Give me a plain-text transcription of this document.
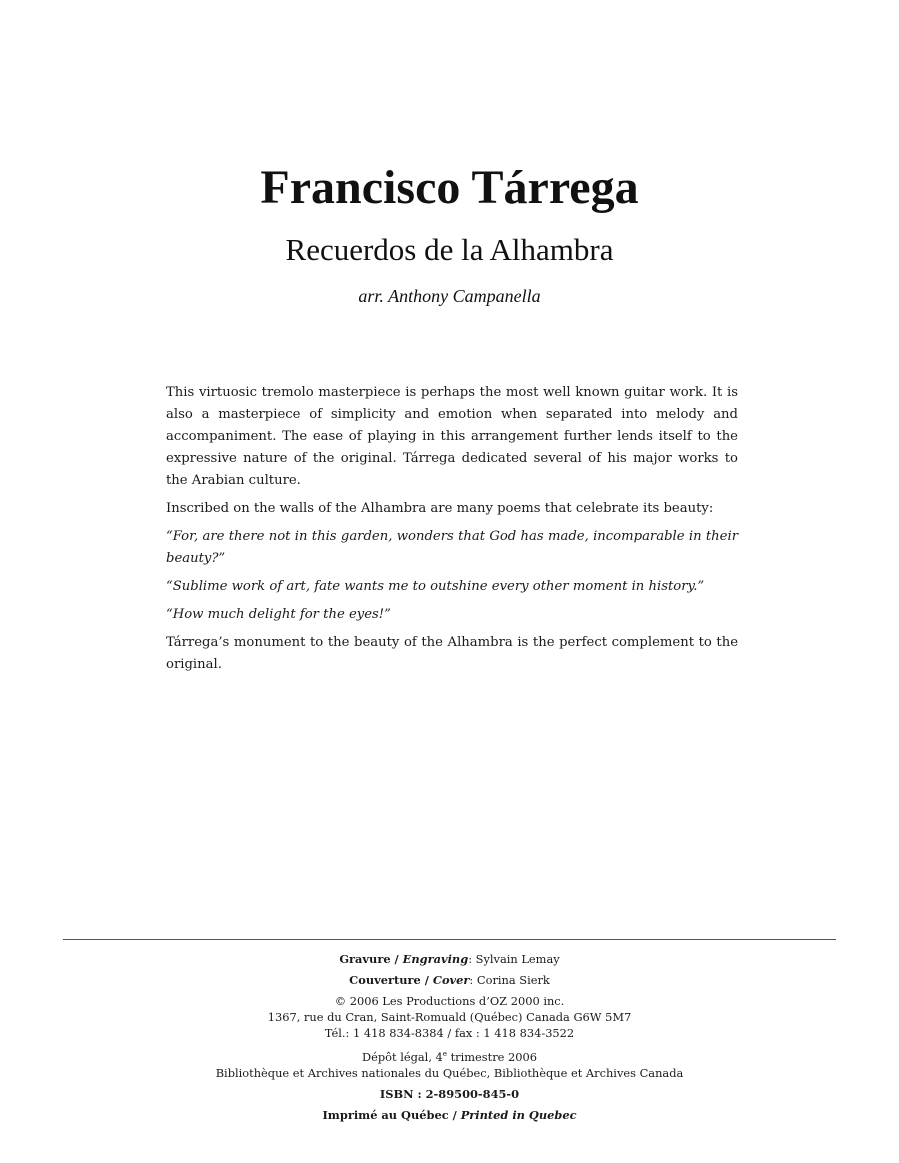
Francisco Tárrega
Recuerdos de la Alhambra
arr. Anthony Campanella

This virtuosic tremolo masterpiece is perhaps the most well known guitar work. It is also a masterpiece of simplicity and emotion when separated into melody and accompaniment. The ease of playing in this arrangement further lends itself to the expressive nature of the original. Tárrega dedicated several of his major works to the Arabian culture.

Inscribed on the walls of the Alhambra are many poems that celebrate its beauty:

“For, are there not in this garden, wonders that God has made, incomparable in their beauty?”

“Sublime work of art, fate wants me to outshine every other moment in history.”

“How much delight for the eyes!”

Tárrega’s monument to the beauty of the Alhambra is the perfect complement to the original.

Gravure / Engraving: Sylvain Lemay
Couverture / Cover: Corina Sierk
© 2006 Les Productions d’OZ 2000 inc.
1367, rue du Cran, Saint-Romuald (Québec) Canada G6W 5M7
Tél.: 1 418 834-8384 / fax : 1 418 834-3522
Dépôt légal, 4e trimestre 2006
Bibliothèque et Archives nationales du Québec, Bibliothèque et Archives Canada
ISBN : 2-89500-845-0
Imprimé au Québec / Printed in Quebec
